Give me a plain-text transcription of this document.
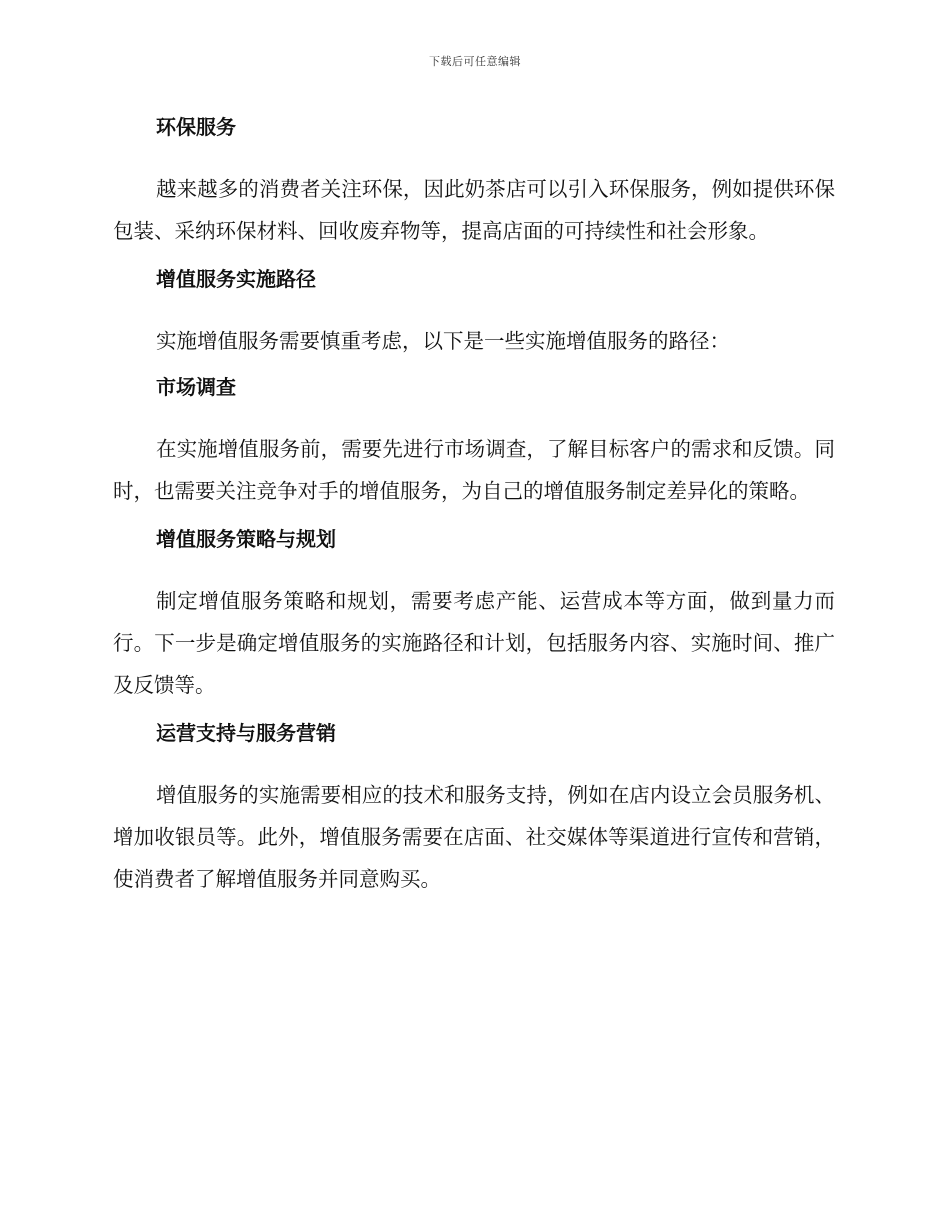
下载后可任意编辑
环保服务

越来越多的消费者关注环保，因此奶茶店可以引入环保服务，例如提供环保包装、采纳环保材料、回收废弃物等，提高店面的可持续性和社会形象。

增值服务实施路径

实施增值服务需要慎重考虑，以下是一些实施增值服务的路径：

市场调查

在实施增值服务前，需要先进行市场调查，了解目标客户的需求和反馈。同时，也需要关注竞争对手的增值服务，为自己的增值服务制定差异化的策略。

增值服务策略与规划

制定增值服务策略和规划，需要考虑产能、运营成本等方面，做到量力而行。下一步是确定增值服务的实施路径和计划，包括服务内容、实施时间、推广及反馈等。

运营支持与服务营销

增值服务的实施需要相应的技术和服务支持，例如在店内设立会员服务机、增加收银员等。此外，增值服务需要在店面、社交媒体等渠道进行宣传和营销，使消费者了解增值服务并同意购买。
